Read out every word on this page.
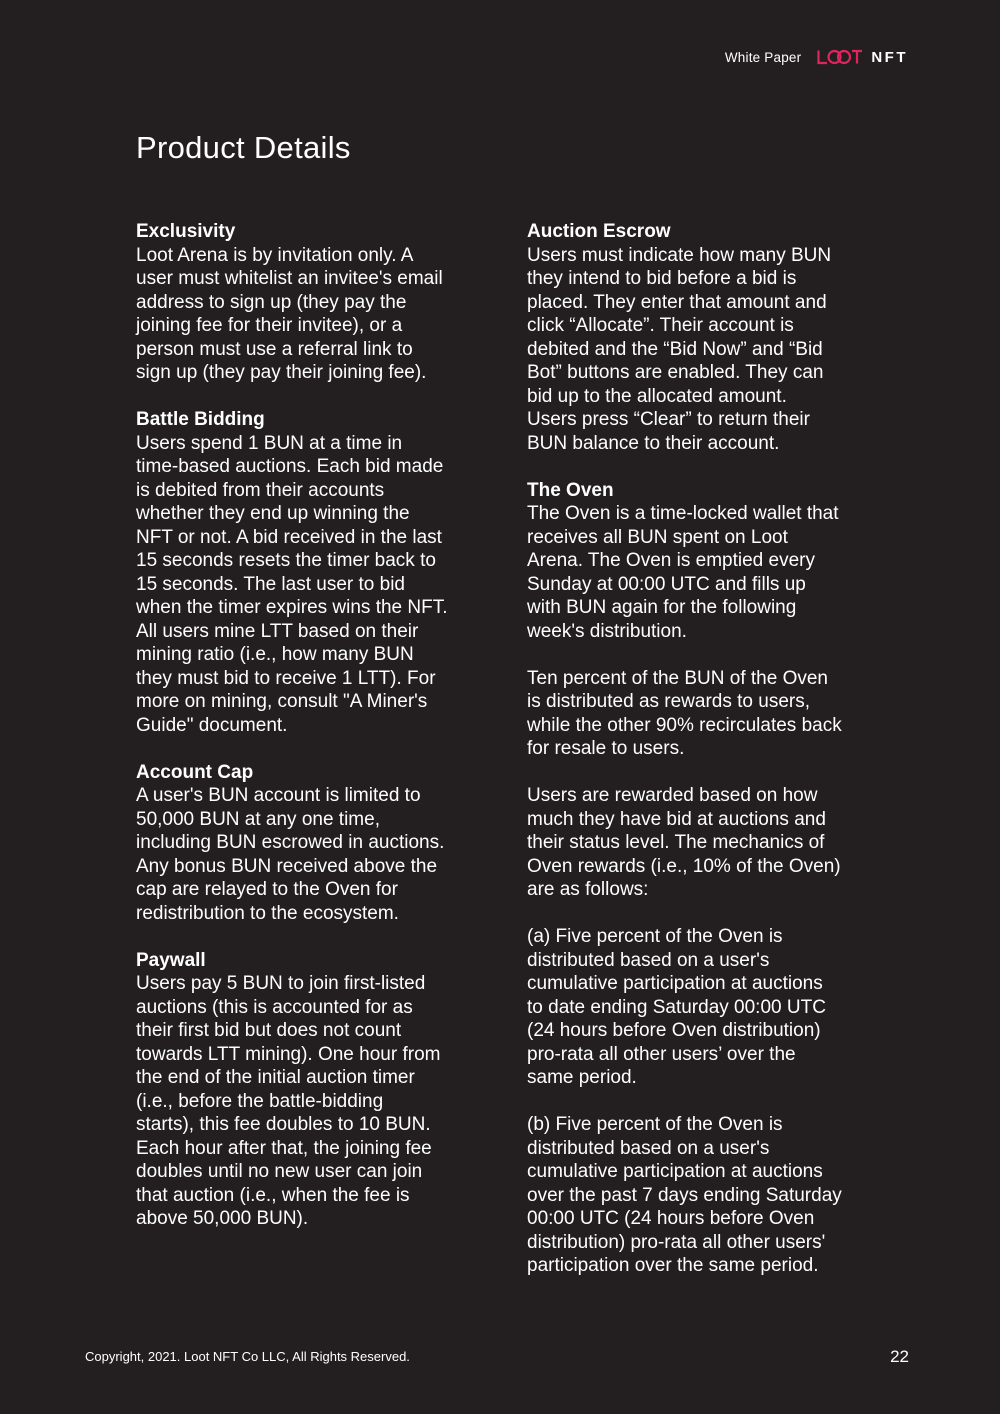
White Paper	NFT
Product Details
Exclusivity

Loot Arena is by invitation only. A
user must whitelist an invitee's email
address to sign up (they pay the
joining fee for their invitee), or a
person must use a referral link to
sign up (they pay their joining fee).

Battle Bidding

Users spend 1 BUN at a time in
time-based auctions. Each bid made
is debited from their accounts
whether they end up winning the
NFT or not. A bid received in the last
15 seconds resets the timer back to
15 seconds. The last user to bid
when the timer expires wins the NFT.
All users mine LTT based on their
mining ratio (i.e., how many BUN
they must bid to receive 1 LTT). For
more on mining, consult "A Miner's
Guide" document.

Account Cap

A user's BUN account is limited to
50,000 BUN at any one time,
including BUN escrowed in auctions.
Any bonus BUN received above the
cap are relayed to the Oven for
redistribution to the ecosystem.

Paywall

Users pay 5 BUN to join first-listed
auctions (this is accounted for as
their first bid but does not count
towards LTT mining). One hour from
the end of the initial auction timer
(i.e., before the battle-bidding
starts), this fee doubles to 10 BUN.
Each hour after that, the joining fee
doubles until no new user can join
that auction (i.e., when the fee is
above 50,000 BUN).

Auction Escrow

Users must indicate how many BUN
they intend to bid before a bid is
placed. They enter that amount and
click “Allocate”. Their account is
debited and the “Bid Now” and “Bid
Bot” buttons are enabled. They can
bid up to the allocated amount.
Users press “Clear” to return their
BUN balance to their account.

The Oven

The Oven is a time-locked wallet that
receives all BUN spent on Loot
Arena. The Oven is emptied every
Sunday at 00:00 UTC and fills up
with BUN again for the following
week's distribution.

Ten percent of the BUN of the Oven
is distributed as rewards to users,
while the other 90% recirculates back
for resale to users.

Users are rewarded based on how
much they have bid at auctions and
their status level. The mechanics of
Oven rewards (i.e., 10% of the Oven)
are as follows:

(a) Five percent of the Oven is
distributed based on a user's
cumulative participation at auctions
to date ending Saturday 00:00 UTC
(24 hours before Oven distribution)
pro-rata all other users’ over the
same period.

(b) Five percent of the Oven is
distributed based on a user's
cumulative participation at auctions
over the past 7 days ending Saturday
00:00 UTC (24 hours before Oven
distribution) pro-rata all other users'
participation over the same period.

Copyright, 2021. Loot NFT Co LLC, All Rights Reserved.	22
